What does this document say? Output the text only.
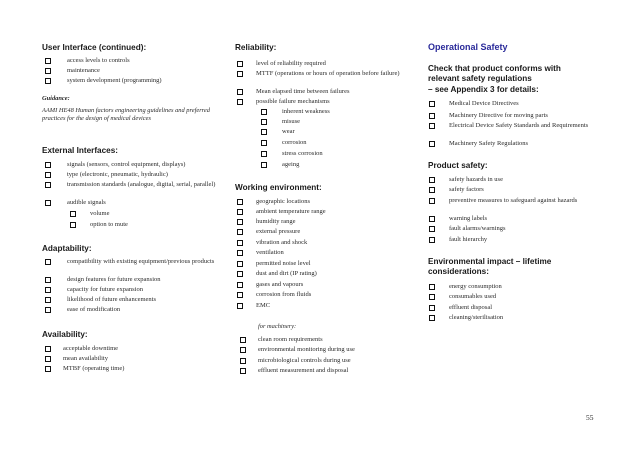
User Interface (continued):
access levels to controls
maintenance
system development (programming)
Guidance:
AAMI HE48 Human factors engineering guidelines and preferred practices for the design of medical devices
External Interfaces:
signals (sensors, control equipment, displays)
type (electronic, pneumatic, hydraulic)
transmission standards (analogue, digital, serial, parallel)
audible signals
volume
option to mute
Adaptability:
compatibility with existing equipment/previous products
design features for future expansion
capacity for future expansion
likelihood of future enhancements
ease of modification
Availability:
acceptable downtime
mean availability
MTBF (operating time)
Reliability:
level of reliability required
MTTF (operations or hours of operation before failure)
Mean elapsed time between failures
possible failure mechanisms
inherent weakness
misuse
wear
corrosion
stress corrosion
ageing
Working environment:
geographic locations
ambient temperature range
humidity range
external pressure
vibration and shock
ventilation
permitted noise level
dust and dirt (IP rating)
gases and vapours
corrosion from fluids
EMC
for machinery:
clean room requirements
environmental monitoring during use
microbiological controls during use
effluent measurement and disposal
Operational Safety
Check that product conforms with relevant safety regulations
– see Appendix 3 for details:
Medical Device Directives
Machinery Directive for moving parts
Electrical Device Safety Standards and Requirements
Machinery Safety Regulations
Product safety:
safety hazards in use
safety factors
preventive measures to safeguard against hazards
warning labels
fault alarms/warnings
fault hierarchy
Environmental impact – lifetime considerations:
energy consumption
consumables used
effluent disposal
cleaning/sterilisation
55
